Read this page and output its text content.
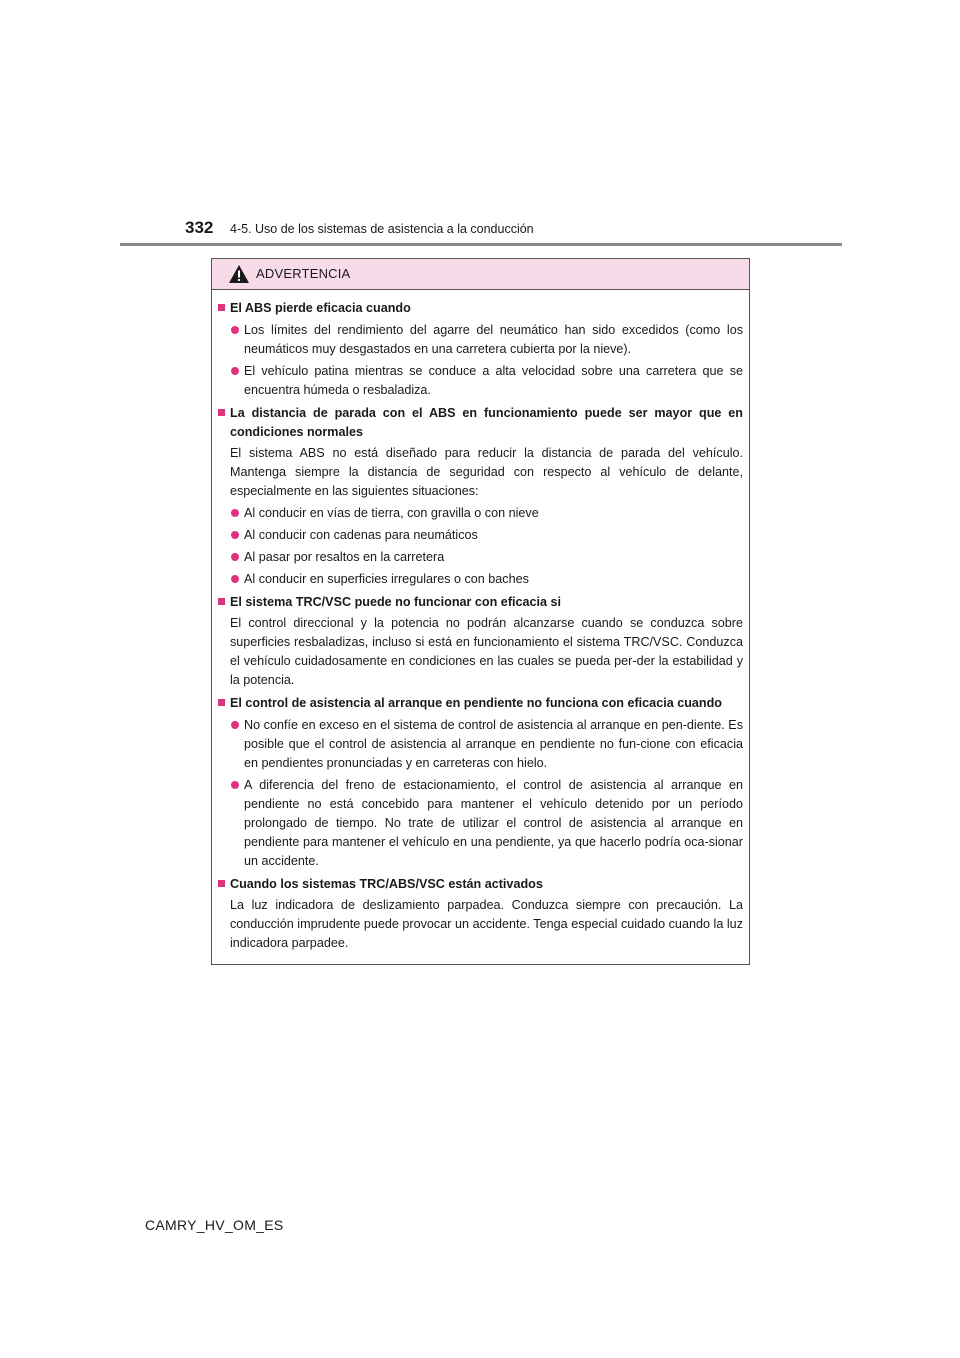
332 4-5. Uso de los sistemas de asistencia a la conducción
ADVERTENCIA
El ABS pierde eficacia cuando
Los límites del rendimiento del agarre del neumático han sido excedidos (como los neumáticos muy desgastados en una carretera cubierta por la nieve).
El vehículo patina mientras se conduce a alta velocidad sobre una carretera que se encuentra húmeda o resbaladiza.
La distancia de parada con el ABS en funcionamiento puede ser mayor que en condiciones normales
El sistema ABS no está diseñado para reducir la distancia de parada del vehículo. Mantenga siempre la distancia de seguridad con respecto al vehículo de delante, especialmente en las siguientes situaciones:
Al conducir en vías de tierra, con gravilla o con nieve
Al conducir con cadenas para neumáticos
Al pasar por resaltos en la carretera
Al conducir en superficies irregulares o con baches
El sistema TRC/VSC puede no funcionar con eficacia si
El control direccional y la potencia no podrán alcanzarse cuando se conduzca sobre superficies resbaladizas, incluso si está en funcionamiento el sistema TRC/VSC. Conduzca el vehículo cuidadosamente en condiciones en las cuales se pueda per-der la estabilidad y la potencia.
El control de asistencia al arranque en pendiente no funciona con eficacia cuando
No confíe en exceso en el sistema de control de asistencia al arranque en pen-diente. Es posible que el control de asistencia al arranque en pendiente no fun-cione con eficacia en pendientes pronunciadas y en carreteras con hielo.
A diferencia del freno de estacionamiento, el control de asistencia al arranque en pendiente no está concebido para mantener el vehículo detenido por un período prolongado de tiempo. No trate de utilizar el control de asistencia al arranque en pendiente para mantener el vehículo en una pendiente, ya que hacerlo podría oca-sionar un accidente.
Cuando los sistemas TRC/ABS/VSC están activados
La luz indicadora de deslizamiento parpadea. Conduzca siempre con precaución. La conducción imprudente puede provocar un accidente. Tenga especial cuidado cuando la luz indicadora parpadee.
CAMRY_HV_OM_ES
